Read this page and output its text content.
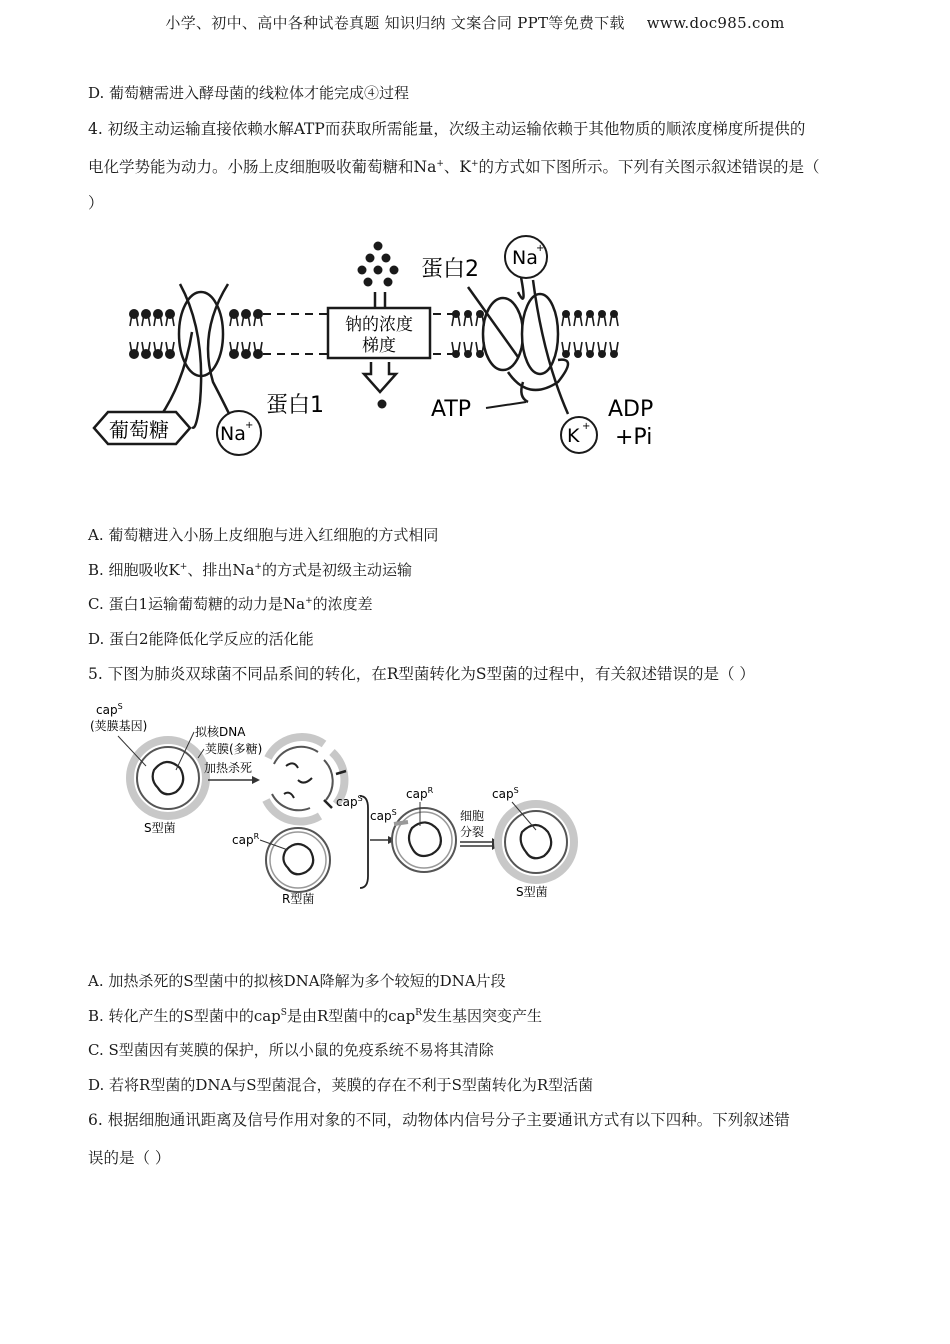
小学、初中、高中各种试卷真题 知识归纳 文案合同 PPT等免费下载 www.doc985.com
D. 葡萄糖需进入酵母菌的线粒体才能完成④过程
4. 初级主动运输直接依赖水解ATP而获取所需能量，次级主动运输依赖于其他物质的顺浓度梯度所提供的
电化学势能为动力。小肠上皮细胞吸收葡萄糖和Na+、K+的方式如下图所示。下列有关图示叙述错误的是（
）
钠的浓度
梯度
蛋白2 Na
+
蛋白1
葡萄糖	Na +
ATP	ADP
+Pi
K +
A. 葡萄糖进入小肠上皮细胞与进入红细胞的方式相同
B. 细胞吸收K+、排出Na+的方式是初级主动运输
C. 蛋白1运输葡萄糖的动力是Na+的浓度差
D. 蛋白2能降低化学反应的活化能
5. 下图为肺炎双球菌不同品系间的转化，在R型菌转化为S型菌的过程中，有关叙述错误的是（ ）
cap$^S$
(荚膜基因)	拟核DNA
荚膜(多糖)
加热杀死
S型菌
cap$^S$
cap$^R$
R型菌
cap$^S$
cap$^R$
细胞
分裂
cap$^S$
S型菌
A. 加热杀死的S型菌中的拟核DNA降解为多个较短的DNA片段
B. 转化产生的S型菌中的cap$^S$是由R型菌中的cap$^R$发生基因突变产生
C. S型菌因有荚膜的保护，所以小鼠的免疫系统不易将其清除
D. 若将R型菌的DNA与S型菌混合，荚膜的存在不利于S型菌转化为R型活菌
6. 根据细胞通讯距离及信号作用对象的不同，动物体内信号分子主要通讯方式有以下四种。下列叙述错
误的是（ ）
